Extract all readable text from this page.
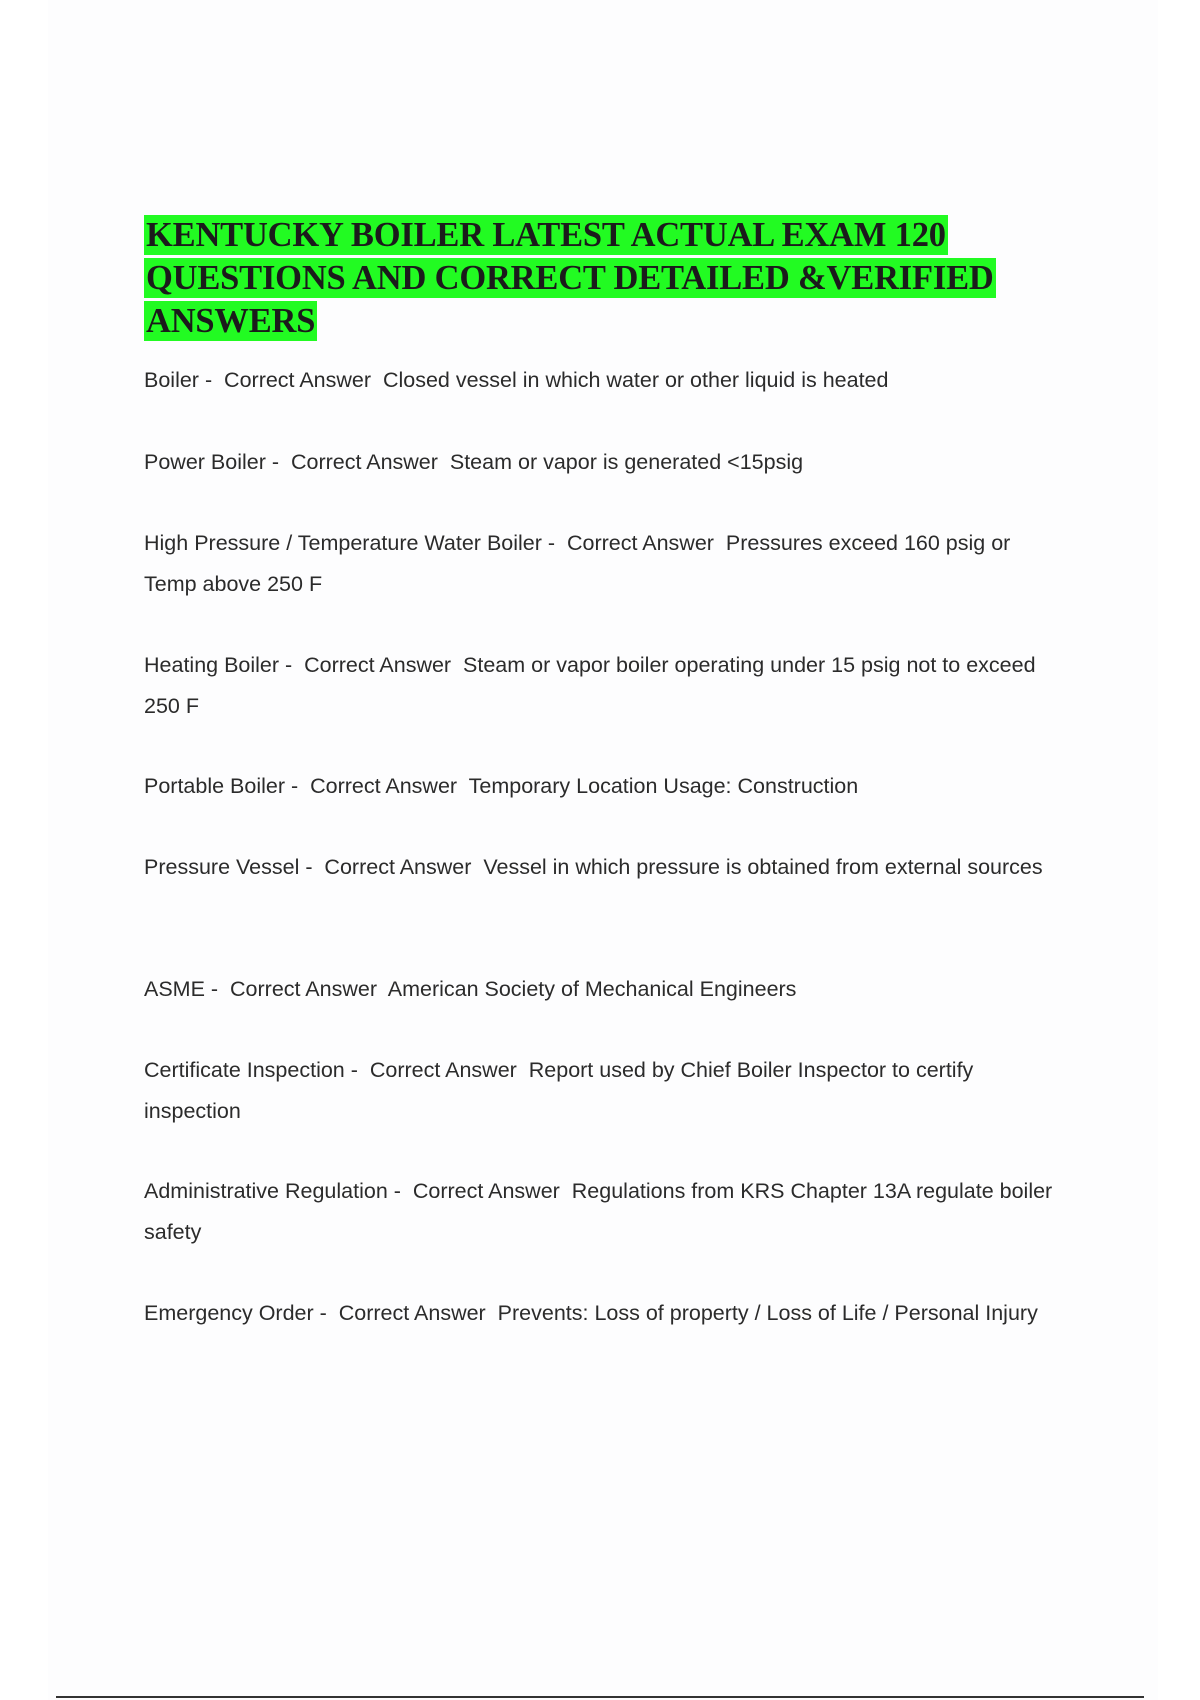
KENTUCKY BOILER LATEST ACTUAL EXAM 120 QUESTIONS AND CORRECT DETAILED &VERIFIED ANSWERS

Boiler -  Correct Answer  Closed vessel in which water or other liquid is heated

Power Boiler -  Correct Answer  Steam or vapor is generated <15psig

High Pressure / Temperature Water Boiler -  Correct Answer  Pressures exceed 160 psig or Temp above 250 F

Heating Boiler -  Correct Answer  Steam or vapor boiler operating under 15 psig not to exceed 250 F

Portable Boiler -  Correct Answer  Temporary Location Usage: Construction

Pressure Vessel -  Correct Answer  Vessel in which pressure is obtained from external sources

ASME -  Correct Answer  American Society of Mechanical Engineers

Certificate Inspection -  Correct Answer  Report used by Chief Boiler Inspector to certify inspection

Administrative Regulation -  Correct Answer  Regulations from KRS Chapter 13A regulate boiler safety

Emergency Order -  Correct Answer  Prevents: Loss of property / Loss of Life / Personal Injury
